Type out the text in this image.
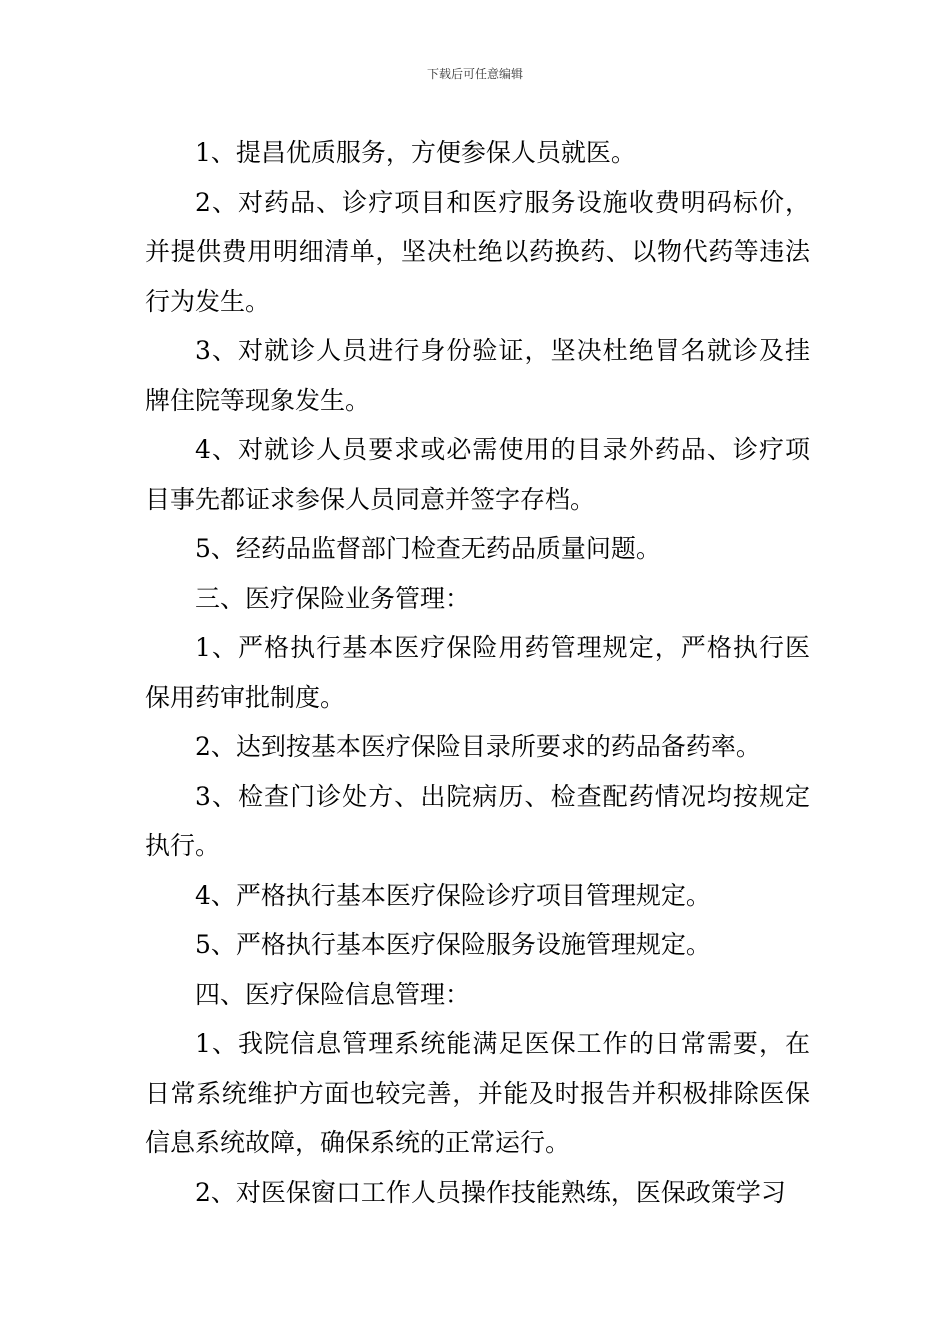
下载后可任意编辑

1、提昌优质服务，方便参保人员就医。

2、对药品、诊疗项目和医疗服务设施收费明码标价，并提供费用明细清单，坚决杜绝以药换药、以物代药等违法行为发生。

3、对就诊人员进行身份验证，坚决杜绝冒名就诊及挂牌住院等现象发生。

4、对就诊人员要求或必需使用的目录外药品、诊疗项目事先都证求参保人员同意并签字存档。

5、经药品监督部门检查无药品质量问题。

三、医疗保险业务管理：

1、严格执行基本医疗保险用药管理规定，严格执行医保用药审批制度。

2、达到按基本医疗保险目录所要求的药品备药率。

3、检查门诊处方、出院病历、检查配药情况均按规定执行。

4、严格执行基本医疗保险诊疗项目管理规定。

5、严格执行基本医疗保险服务设施管理规定。

四、医疗保险信息管理：

1、我院信息管理系统能满足医保工作的日常需要，在日常系统维护方面也较完善，并能及时报告并积极排除医保信息系统故障，确保系统的正常运行。

2、对医保窗口工作人员操作技能熟练，医保政策学习
